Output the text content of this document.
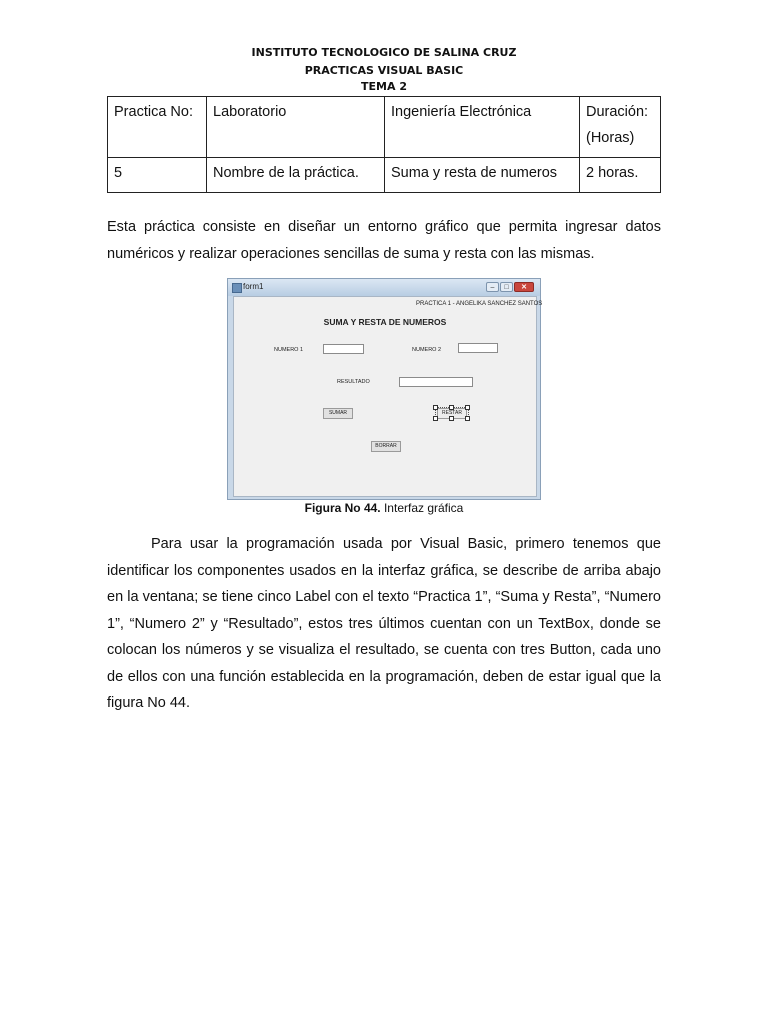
INSTITUTO TECNOLOGICO DE SALINA CRUZ
PRACTICAS VISUAL BASIC
TEMA 2
Practica No:	Laboratorio	Ingeniería Electrónica	Duración:
(Horas)

5	Nombre de la práctica.	Suma y resta de numeros	2 horas.
Esta práctica consiste en diseñar un entorno gráfico que permita ingresar datos numéricos y realizar operaciones sencillas de suma y resta con las mismas.
form1	–	□	✕
PRACTICA 1 - ANGELIKA SANCHEZ SANTOS
SUMA Y RESTA DE NUMEROS
NUMERO 1	NUMERO 2
RESULTADO
SUMAR	RESTAR
BORRAR
Figura No 44. Interfaz gráfica
Para usar la programación usada por Visual Basic, primero tenemos que identificar los componentes usados en la interfaz gráfica, se describe de arriba abajo en la ventana; se tiene cinco Label con el texto “Practica 1”, “Suma y Resta”, “Numero 1”, “Numero 2” y “Resultado”, estos tres últimos cuentan con un TextBox, donde se colocan los números y se visualiza el resultado, se cuenta con tres Button, cada uno de ellos con una función establecida en la programación, deben de estar igual que la figura No 44.
